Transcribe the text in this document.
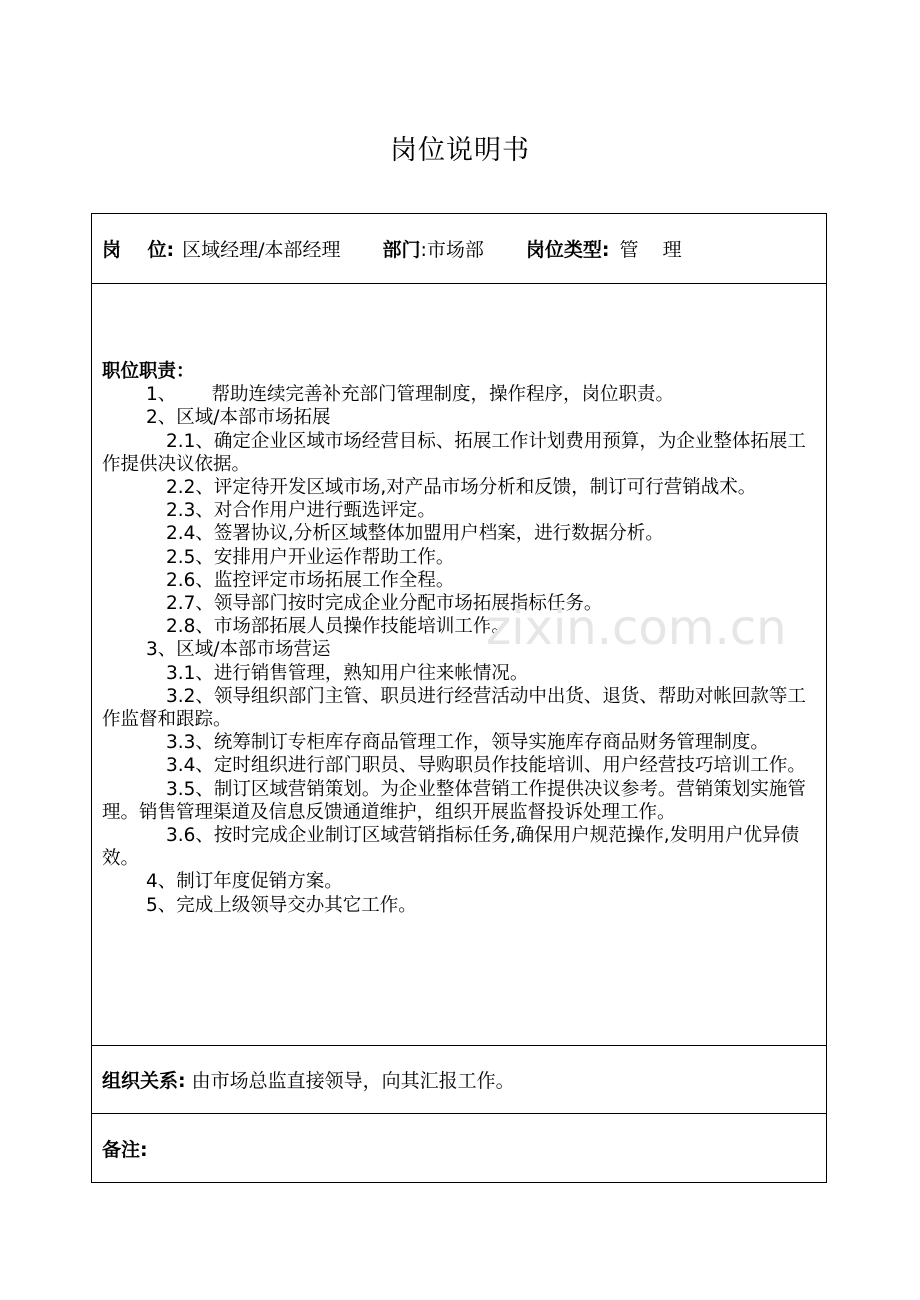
岗位说明书
岗    位: 区域经理/本部经理 部门 :市场部 岗位类型: 管    理
职位职责：
1、      帮助连续完善补充部门管理制度，操作程序，岗位职责。
2、区域/本部市场拓展
2.1、确定企业区域市场经营目标、拓展工作计划费用预算，为企业整体拓展工作提供决议依据。
2.2、评定待开发区域市场,对产品市场分析和反馈，制订可行营销战术。
2.3、对合作用户进行甄选评定。
2.4、签署协议,分析区域整体加盟用户档案，进行数据分析。
2.5、安排用户开业运作帮助工作。
2.6、监控评定市场拓展工作全程。
2.7、领导部门按时完成企业分配市场拓展指标任务。
2.8、市场部拓展人员操作技能培训工作。
3、区域/本部市场营运
3.1、进行销售管理，熟知用户往来帐情况。
3.2、领导组织部门主管、职员进行经营活动中出货、退货、帮助对帐回款等工作监督和跟踪。
3.3、统筹制订专柜库存商品管理工作，领导实施库存商品财务管理制度。
3.4、定时组织进行部门职员、导购职员作技能培训、用户经营技巧培训工作。
3.5、制订区域营销策划。为企业整体营销工作提供决议参考。营销策划实施管理。销售管理渠道及信息反馈通道维护，组织开展监督投诉处理工作。
3.6、按时完成企业制订区域营销指标任务,确保用户规范操作,发明用户优异债效。
4、制订年度促销方案。
5、完成上级领导交办其它工作。
组织关系: 由市场总监直接领导，向其汇报工作。
备注:
zixin.com.cn
